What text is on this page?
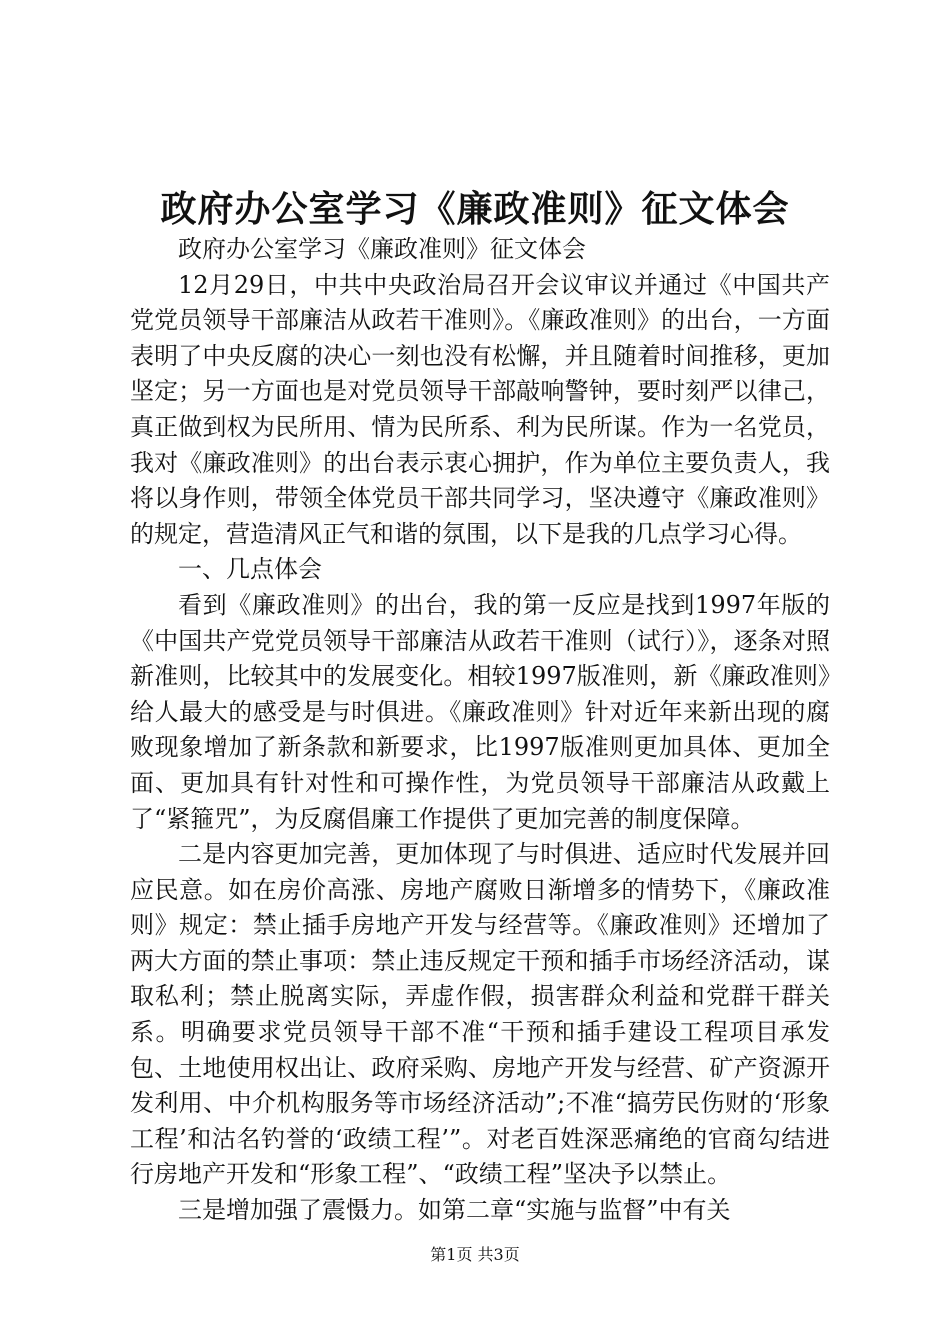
政府办公室学习《廉政准则》征文体会

政府办公室学习《廉政准则》征文体会

12月29日，中共中央政治局召开会议审议并通过《中国共产党党员领导干部廉洁从政若干准则》。《廉政准则》的出台，一方面表明了中央反腐的决心一刻也没有松懈，并且随着时间推移，更加坚定；另一方面也是对党员领导干部敲响警钟，要时刻严以律己，真正做到权为民所用、情为民所系、利为民所谋。作为一名党员，我对《廉政准则》的出台表示衷心拥护，作为单位主要负责人，我将以身作则，带领全体党员干部共同学习，坚决遵守《廉政准则》的规定，营造清风正气和谐的氛围，以下是我的几点学习心得。

一、几点体会

看到《廉政准则》的出台，我的第一反应是找到1997年版的《中国共产党党员领导干部廉洁从政若干准则（试行）》，逐条对照新准则，比较其中的发展变化。相较1997版准则，新《廉政准则》给人最大的感受是与时俱进。《廉政准则》针对近年来新出现的腐败现象增加了新条款和新要求，比1997版准则更加具体、更加全面、更加具有针对性和可操作性，为党员领导干部廉洁从政戴上了“紧箍咒”，为反腐倡廉工作提供了更加完善的制度保障。

二是内容更加完善，更加体现了与时俱进、适应时代发展并回应民意。如在房价高涨、房地产腐败日渐增多的情势下，《廉政准则》规定：禁止插手房地产开发与经营等。《廉政准则》还增加了两大方面的禁止事项：禁止违反规定干预和插手市场经济活动，谋取私利；禁止脱离实际，弄虚作假，损害群众利益和党群干群关系。明确要求党员领导干部不准“干预和插手建设工程项目承发包、土地使用权出让、政府采购、房地产开发与经营、矿产资源开发利用、中介机构服务等市场经济活动”;不准“搞劳民伤财的‘形象工程’和沽名钓誉的‘政绩工程’”。对老百姓深恶痛绝的官商勾结进行房地产开发和“形象工程”、“政绩工程”坚决予以禁止。

三是增加强了震慑力。如第二章“实施与监督”中有关

第1页 共3页
